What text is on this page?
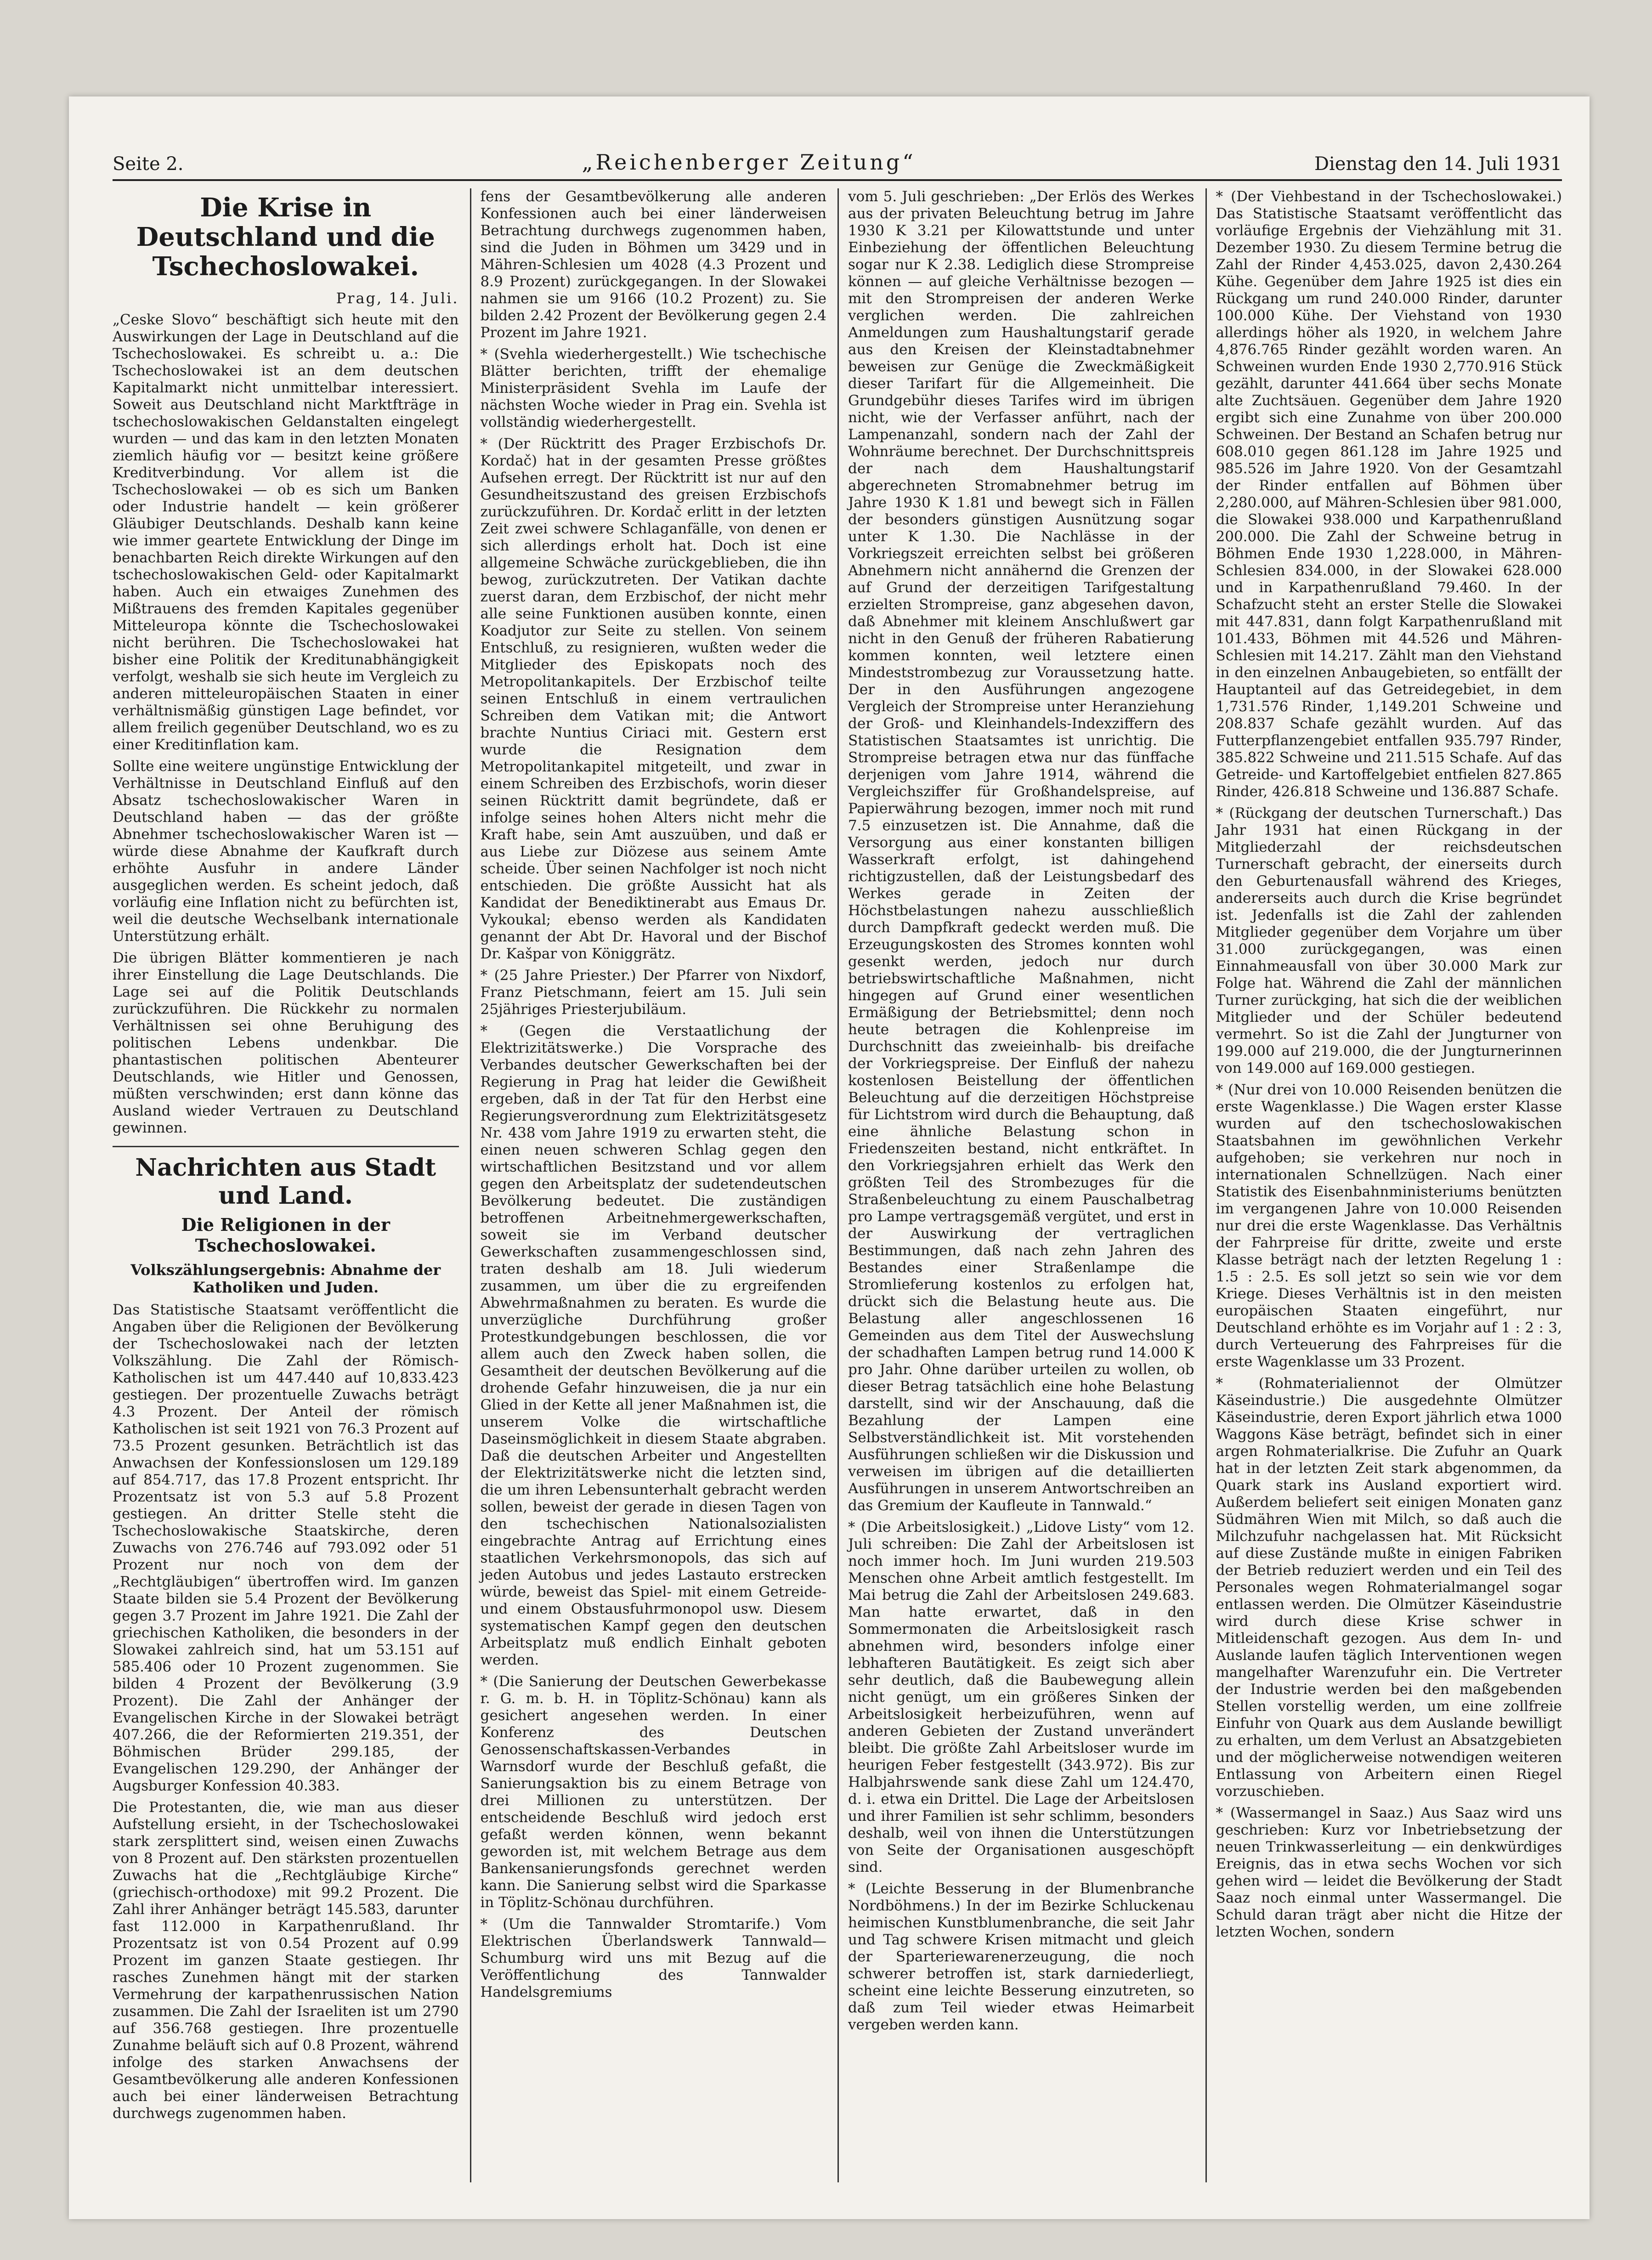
Seite 2.	„Reichenberger Zeitung“	Dienstag den 14. Juli 1931
Die Krise in Deutschland und die Tschechoslowakei.
Prag, 14. Juli.

„Ceske Slovo“ beschäftigt sich heute mit den Auswirkungen der Lage in Deutschland auf die Tschechoslowakei. Es schreibt u. a.: Die Tschechoslowakei ist an dem deutschen Kapitalmarkt nicht unmittelbar interessiert. Soweit aus Deutschland nicht Marktfträge in tschechoslowakischen Geldanstalten eingelegt wurden — und das kam in den letzten Monaten ziemlich häufig vor — besitzt keine größere Kreditverbindung. Vor allem ist die Tschechoslowakei — ob es sich um Banken oder Industrie handelt — kein größerer Gläubiger Deutschlands. Deshalb kann keine wie immer geartete Entwicklung der Dinge im benachbarten Reich direkte Wirkungen auf den tschechoslowakischen Geld- oder Kapitalmarkt haben. Auch ein etwaiges Zunehmen des Mißtrauens des fremden Kapitales gegenüber Mitteleuropa könnte die Tschechoslowakei nicht berühren. Die Tschechoslowakei hat bisher eine Politik der Kreditunabhängigkeit verfolgt, weshalb sie sich heute im Vergleich zu anderen mitteleuropäischen Staaten in einer verhältnismäßig günstigen Lage befindet, vor allem freilich gegenüber Deutschland, wo es zu einer Kreditinflation kam.

Sollte eine weitere ungünstige Entwicklung der Verhältnisse in Deutschland Einfluß auf den Absatz tschechoslowakischer Waren in Deutschland haben — das der größte Abnehmer tschechoslowakischer Waren ist — würde diese Abnahme der Kaufkraft durch erhöhte Ausfuhr in andere Länder ausgeglichen werden. Es scheint jedoch, daß vorläufig eine Inflation nicht zu befürchten ist, weil die deutsche Wechselbank internationale Unterstützung erhält.

Die übrigen Blätter kommentieren je nach ihrer Einstellung die Lage Deutschlands. Die Lage sei auf die Politik Deutschlands zurückzuführen. Die Rückkehr zu normalen Verhältnissen sei ohne Beruhigung des politischen Lebens undenkbar. Die phantastischen politischen Abenteurer Deutschlands, wie Hitler und Genossen, müßten verschwinden; erst dann könne das Ausland wieder Vertrauen zu Deutschland gewinnen.

Nachrichten aus Stadt und Land.
Die Religionen in der Tschechoslowakei.
Volkszählungsergebnis: Abnahme der Katholiken und Juden.

Das Statistische Staatsamt veröffentlicht die Angaben über die Religionen der Bevölkerung der Tschechoslowakei nach der letzten Volkszählung. Die Zahl der Römisch-Katholischen ist um 447.440 auf 10,833.423 gestiegen. Der prozentuelle Zuwachs beträgt 4.3 Prozent. Der Anteil der römisch Katholischen ist seit 1921 von 76.3 Prozent auf 73.5 Prozent gesunken. Beträchtlich ist das Anwachsen der Konfessionslosen um 129.189 auf 854.717, das 17.8 Prozent entspricht. Ihr Prozentsatz ist von 5.3 auf 5.8 Prozent gestiegen. An dritter Stelle steht die Tschechoslowakische Staatskirche, deren Zuwachs von 276.746 auf 793.092 oder 51 Prozent nur noch von dem der „Rechtgläubigen“ übertroffen wird. Im ganzen Staate bilden sie 5.4 Prozent der Bevölkerung gegen 3.7 Prozent im Jahre 1921. Die Zahl der griechischen Katholiken, die besonders in der Slowakei zahlreich sind, hat um 53.151 auf 585.406 oder 10 Prozent zugenommen. Sie bilden 4 Prozent der Bevölkerung (3.9 Prozent). Die Zahl der Anhänger der Evangelischen Kirche in der Slowakei beträgt 407.266, die der Reformierten 219.351, der Böhmischen Brüder 299.185, der Evangelischen 129.290, der Anhänger der Augsburger Konfession 40.383.

Die Protestanten, die, wie man aus dieser Aufstellung ersieht, in der Tschechoslowakei stark zersplittert sind, weisen einen Zuwachs von 8 Prozent auf. Den stärksten prozentuellen Zuwachs hat die „Rechtgläubige Kirche“ (griechisch-orthodoxe) mit 99.2 Prozent. Die Zahl ihrer Anhänger beträgt 145.583, darunter fast 112.000 in Karpathenrußland. Ihr Prozentsatz ist von 0.54 Prozent auf 0.99 Prozent im ganzen Staate gestiegen. Ihr rasches Zunehmen hängt mit der starken Vermehrung der karpathenrussischen Nation zusammen. Die Zahl der Israeliten ist um 2790 auf 356.768 gestiegen. Ihre prozentuelle Zunahme beläuft sich auf 0.8 Prozent, während infolge des starken Anwachsens der Gesamtbevölkerung alle anderen Konfessionen auch bei einer länderweisen Betrachtung durchwegs zugenommen haben.

fens der Gesamtbevölkerung alle anderen Konfessionen auch bei einer länderweisen Betrachtung durchwegs zugenommen haben, sind die Juden in Böhmen um 3429 und in Mähren-Schlesien um 4028 (4.3 Prozent und 8.9 Prozent) zurückgegangen. In der Slowakei nahmen sie um 9166 (10.2 Prozent) zu. Sie bilden 2.42 Prozent der Bevölkerung gegen 2.4 Prozent im Jahre 1921.

* (Svehla wiederhergestellt.) Wie tschechische Blätter berichten, trifft der ehemalige Ministerpräsident Svehla im Laufe der nächsten Woche wieder in Prag ein. Svehla ist vollständig wiederhergestellt.

* (Der Rücktritt des Prager Erzbischofs Dr. Kordač) hat in der gesamten Presse größtes Aufsehen erregt. Der Rücktritt ist nur auf den Gesundheitszustand des greisen Erzbischofs zurückzuführen. Dr. Kordač erlitt in der letzten Zeit zwei schwere Schlaganfälle, von denen er sich allerdings erholt hat. Doch ist eine allgemeine Schwäche zurückgeblieben, die ihn bewog, zurückzutreten. Der Vatikan dachte zuerst daran, dem Erzbischof, der nicht mehr alle seine Funktionen ausüben konnte, einen Koadjutor zur Seite zu stellen. Von seinem Entschluß, zu resignieren, wußten weder die Mitglieder des Episkopats noch des Metropolitankapitels. Der Erzbischof teilte seinen Entschluß in einem vertraulichen Schreiben dem Vatikan mit; die Antwort brachte Nuntius Ciriaci mit. Gestern erst wurde die Resignation dem Metropolitankapitel mitgeteilt, und zwar in einem Schreiben des Erzbischofs, worin dieser seinen Rücktritt damit begründete, daß er infolge seines hohen Alters nicht mehr die Kraft habe, sein Amt auszuüben, und daß er aus Liebe zur Diözese aus seinem Amte scheide. Über seinen Nachfolger ist noch nicht entschieden. Die größte Aussicht hat als Kandidat der Benediktinerabt aus Emaus Dr. Vykoukal; ebenso werden als Kandidaten genannt der Abt Dr. Havoral und der Bischof Dr. Kašpar von Königgrätz.

* (25 Jahre Priester.) Der Pfarrer von Nixdorf, Franz Pietschmann, feiert am 15. Juli sein 25jähriges Priesterjubiläum.

* (Gegen die Verstaatlichung der Elektrizitätswerke.) Die Vorsprache des Verbandes deutscher Gewerkschaften bei der Regierung in Prag hat leider die Gewißheit ergeben, daß in der Tat für den Herbst eine Regierungsverordnung zum Elektrizitätsgesetz Nr. 438 vom Jahre 1919 zu erwarten steht, die einen neuen schweren Schlag gegen den wirtschaftlichen Besitzstand und vor allem gegen den Arbeitsplatz der sudetendeutschen Bevölkerung bedeutet. Die zuständigen betroffenen Arbeitnehmergewerkschaften, soweit sie im Verband deutscher Gewerkschaften zusammengeschlossen sind, traten deshalb am 18. Juli wiederum zusammen, um über die zu ergreifenden Abwehrmaßnahmen zu beraten. Es wurde die unverzügliche Durchführung großer Protestkundgebungen beschlossen, die vor allem auch den Zweck haben sollen, die Gesamtheit der deutschen Bevölkerung auf die drohende Gefahr hinzuweisen, die ja nur ein Glied in der Kette all jener Maßnahmen ist, die unserem Volke die wirtschaftliche Daseinsmöglichkeit in diesem Staate abgraben. Daß die deutschen Arbeiter und Angestellten der Elektrizitätswerke nicht die letzten sind, die um ihren Lebensunterhalt gebracht werden sollen, beweist der gerade in diesen Tagen von den tschechischen Nationalsozialisten eingebrachte Antrag auf Errichtung eines staatlichen Verkehrsmonopols, das sich auf jeden Autobus und jedes Lastauto erstrecken würde, beweist das Spiel- mit einem Getreide- und einem Obstausfuhrmonopol usw. Diesem systematischen Kampf gegen den deutschen Arbeitsplatz muß endlich Einhalt geboten werden.

* (Die Sanierung der Deutschen Gewerbekasse r. G. m. b. H. in Töplitz-Schönau) kann als gesichert angesehen werden. In einer Konferenz des Deutschen Genossenschaftskassen-Verbandes in Warnsdorf wurde der Beschluß gefaßt, die Sanierungsaktion bis zu einem Betrage von drei Millionen zu unterstützen. Der entscheidende Beschluß wird jedoch erst gefaßt werden können, wenn bekannt geworden ist, mit welchem Betrage aus dem Bankensanierungsfonds gerechnet werden kann. Die Sanierung selbst wird die Sparkasse in Töplitz-Schönau durchführen.

* (Um die Tannwalder Stromtarife.) Vom Elektrischen Überlandswerk Tannwald—Schumburg wird uns mit Bezug auf die Veröffentlichung des Tannwalder Handelsgremiums

vom 5. Juli geschrieben: „Der Erlös des Werkes aus der privaten Beleuchtung betrug im Jahre 1930 K 3.21 per Kilowattstunde und unter Einbeziehung der öffentlichen Beleuchtung sogar nur K 2.38. Lediglich diese Strompreise können — auf gleiche Verhältnisse bezogen — mit den Strompreisen der anderen Werke verglichen werden. Die zahlreichen Anmeldungen zum Haushaltungstarif gerade aus den Kreisen der Kleinstadtabnehmer beweisen zur Genüge die Zweckmäßigkeit dieser Tarifart für die Allgemeinheit. Die Grundgebühr dieses Tarifes wird im übrigen nicht, wie der Verfasser anführt, nach der Lampenanzahl, sondern nach der Zahl der Wohnräume berechnet. Der Durchschnittspreis der nach dem Haushaltungstarif abgerechneten Stromabnehmer betrug im Jahre 1930 K 1.81 und bewegt sich in Fällen der besonders günstigen Ausnützung sogar unter K 1.30. Die Nachlässe in der Vorkriegszeit erreichten selbst bei größeren Abnehmern nicht annähernd die Grenzen der auf Grund der derzeitigen Tarifgestaltung erzielten Strompreise, ganz abgesehen davon, daß Abnehmer mit kleinem Anschlußwert gar nicht in den Genuß der früheren Rabatierung kommen konnten, weil letztere einen Mindeststrombezug zur Voraussetzung hatte. Der in den Ausführungen angezogene Vergleich der Strompreise unter Heranziehung der Groß- und Kleinhandels-Indexziffern des Statistischen Staatsamtes ist unrichtig. Die Strompreise betragen etwa nur das fünffache derjenigen vom Jahre 1914, während die Vergleichsziffer für Großhandelspreise, auf Papierwährung bezogen, immer noch mit rund 7.5 einzusetzen ist. Die Annahme, daß die Versorgung aus einer konstanten billigen Wasserkraft erfolgt, ist dahingehend richtigzustellen, daß der Leistungsbedarf des Werkes gerade in Zeiten der Höchstbelastungen nahezu ausschließlich durch Dampfkraft gedeckt werden muß. Die Erzeugungskosten des Stromes konnten wohl gesenkt werden, jedoch nur durch betriebswirtschaftliche Maßnahmen, nicht hingegen auf Grund einer wesentlichen Ermäßigung der Betriebsmittel; denn noch heute betragen die Kohlenpreise im Durchschnitt das zweieinhalb- bis dreifache der Vorkriegspreise. Der Einfluß der nahezu kostenlosen Beistellung der öffentlichen Beleuchtung auf die derzeitigen Höchstpreise für Lichtstrom wird durch die Behauptung, daß eine ähnliche Belastung schon in Friedenszeiten bestand, nicht entkräftet. In den Vorkriegsjahren erhielt das Werk den größten Teil des Strombezuges für die Straßenbeleuchtung zu einem Pauschalbetrag pro Lampe vertragsgemäß vergütet, und erst in der Auswirkung der vertraglichen Bestimmungen, daß nach zehn Jahren des Bestandes einer Straßenlampe die Stromlieferung kostenlos zu erfolgen hat, drückt sich die Belastung heute aus. Die Belastung aller angeschlossenen 16 Gemeinden aus dem Titel der Auswechslung der schadhaften Lampen betrug rund 14.000 K pro Jahr. Ohne darüber urteilen zu wollen, ob dieser Betrag tatsächlich eine hohe Belastung darstellt, sind wir der Anschauung, daß die Bezahlung der Lampen eine Selbstverständlichkeit ist. Mit vorstehenden Ausführungen schließen wir die Diskussion und verweisen im übrigen auf die detaillierten Ausführungen in unserem Antwortschreiben an das Gremium der Kaufleute in Tannwald.“

* (Die Arbeitslosigkeit.) „Lidove Listy“ vom 12. Juli schreiben: Die Zahl der Arbeitslosen ist noch immer hoch. Im Juni wurden 219.503 Menschen ohne Arbeit amtlich festgestellt. Im Mai betrug die Zahl der Arbeitslosen 249.683. Man hatte erwartet, daß in den Sommermonaten die Arbeitslosigkeit rasch abnehmen wird, besonders infolge einer lebhafteren Bautätigkeit. Es zeigt sich aber sehr deutlich, daß die Baubewegung allein nicht genügt, um ein größeres Sinken der Arbeitslosigkeit herbeizuführen, wenn auf anderen Gebieten der Zustand unverändert bleibt. Die größte Zahl Arbeitsloser wurde im heurigen Feber festgestellt (343.972). Bis zur Halbjahrswende sank diese Zahl um 124.470, d. i. etwa ein Drittel. Die Lage der Arbeitslosen und ihrer Familien ist sehr schlimm, besonders deshalb, weil von ihnen die Unterstützungen von Seite der Organisationen ausgeschöpft sind.

* (Leichte Besserung in der Blumenbranche Nordböhmens.) In der im Bezirke Schluckenau heimischen Kunstblumenbranche, die seit Jahr und Tag schwere Krisen mitmacht und gleich der Sparteriewarenerzeugung, die noch schwerer betroffen ist, stark darniederliegt, scheint eine leichte Besserung einzutreten, so daß zum Teil wieder etwas Heimarbeit vergeben werden kann.

* (Der Viehbestand in der Tschechoslowakei.) Das Statistische Staatsamt veröffentlicht das vorläufige Ergebnis der Viehzählung mit 31. Dezember 1930. Zu diesem Termine betrug die Zahl der Rinder 4,453.025, davon 2,430.264 Kühe. Gegenüber dem Jahre 1925 ist dies ein Rückgang um rund 240.000 Rinder, darunter 100.000 Kühe. Der Viehstand von 1930 allerdings höher als 1920, in welchem Jahre 4,876.765 Rinder gezählt worden waren. An Schweinen wurden Ende 1930 2,770.916 Stück gezählt, darunter 441.664 über sechs Monate alte Zuchtsäuen. Gegenüber dem Jahre 1920 ergibt sich eine Zunahme von über 200.000 Schweinen. Der Bestand an Schafen betrug nur 608.010 gegen 861.128 im Jahre 1925 und 985.526 im Jahre 1920. Von der Gesamtzahl der Rinder entfallen auf Böhmen über 2,280.000, auf Mähren-Schlesien über 981.000, die Slowakei 938.000 und Karpathenrußland 200.000. Die Zahl der Schweine betrug in Böhmen Ende 1930 1,228.000, in Mähren-Schlesien 834.000, in der Slowakei 628.000 und in Karpathenrußland 79.460. In der Schafzucht steht an erster Stelle die Slowakei mit 447.831, dann folgt Karpathenrußland mit 101.433, Böhmen mit 44.526 und Mähren-Schlesien mit 14.217. Zählt man den Viehstand in den einzelnen Anbaugebieten, so entfällt der Hauptanteil auf das Getreidegebiet, in dem 1,731.576 Rinder, 1,149.201 Schweine und 208.837 Schafe gezählt wurden. Auf das Futterpflanzengebiet entfallen 935.797 Rinder, 385.822 Schweine und 211.515 Schafe. Auf das Getreide- und Kartoffelgebiet entfielen 827.865 Rinder, 426.818 Schweine und 136.887 Schafe.

* (Rückgang der deutschen Turnerschaft.) Das Jahr 1931 hat einen Rückgang in der Mitgliederzahl der reichsdeutschen Turnerschaft gebracht, der einerseits durch den Geburtenausfall während des Krieges, andererseits auch durch die Krise begründet ist. Jedenfalls ist die Zahl der zahlenden Mitglieder gegenüber dem Vorjahre um über 31.000 zurückgegangen, was einen Einnahmeausfall von über 30.000 Mark zur Folge hat. Während die Zahl der männlichen Turner zurückging, hat sich die der weiblichen Mitglieder und der Schüler bedeutend vermehrt. So ist die Zahl der Jungturner von 199.000 auf 219.000, die der Jungturnerinnen von 149.000 auf 169.000 gestiegen.

* (Nur drei von 10.000 Reisenden benützen die erste Wagenklasse.) Die Wagen erster Klasse wurden auf den tschechoslowakischen Staatsbahnen im gewöhnlichen Verkehr aufgehoben; sie verkehren nur noch in internationalen Schnellzügen. Nach einer Statistik des Eisenbahnministeriums benützten im vergangenen Jahre von 10.000 Reisenden nur drei die erste Wagenklasse. Das Verhältnis der Fahrpreise für dritte, zweite und erste Klasse beträgt nach der letzten Regelung 1 : 1.5 : 2.5. Es soll jetzt so sein wie vor dem Kriege. Dieses Verhältnis ist in den meisten europäischen Staaten eingeführt, nur Deutschland erhöhte es im Vorjahr auf 1 : 2 : 3, durch Verteuerung des Fahrpreises für die erste Wagenklasse um 33 Prozent.

* (Rohmaterialiennot der Olmützer Käseindustrie.) Die ausgedehnte Olmützer Käseindustrie, deren Export jährlich etwa 1000 Waggons Käse beträgt, befindet sich in einer argen Rohmaterialkrise. Die Zufuhr an Quark hat in der letzten Zeit stark abgenommen, da Quark stark ins Ausland exportiert wird. Außerdem beliefert seit einigen Monaten ganz Südmähren Wien mit Milch, so daß auch die Milchzufuhr nachgelassen hat. Mit Rücksicht auf diese Zustände mußte in einigen Fabriken der Betrieb reduziert werden und ein Teil des Personales wegen Rohmaterialmangel sogar entlassen werden. Die Olmützer Käseindustrie wird durch diese Krise schwer in Mitleidenschaft gezogen. Aus dem In- und Auslande laufen täglich Interventionen wegen mangelhafter Warenzufuhr ein. Die Vertreter der Industrie werden bei den maßgebenden Stellen vorstellig werden, um eine zollfreie Einfuhr von Quark aus dem Auslande bewilligt zu erhalten, um dem Verlust an Absatzgebieten und der möglicherweise notwendigen weiteren Entlassung von Arbeitern einen Riegel vorzuschieben.

* (Wassermangel in Saaz.) Aus Saaz wird uns geschrieben: Kurz vor Inbetriebsetzung der neuen Trinkwasserleitung — ein denkwürdiges Ereignis, das in etwa sechs Wochen vor sich gehen wird — leidet die Bevölkerung der Stadt Saaz noch einmal unter Wassermangel. Die Schuld daran trägt aber nicht die Hitze der letzten Wochen, sondern
